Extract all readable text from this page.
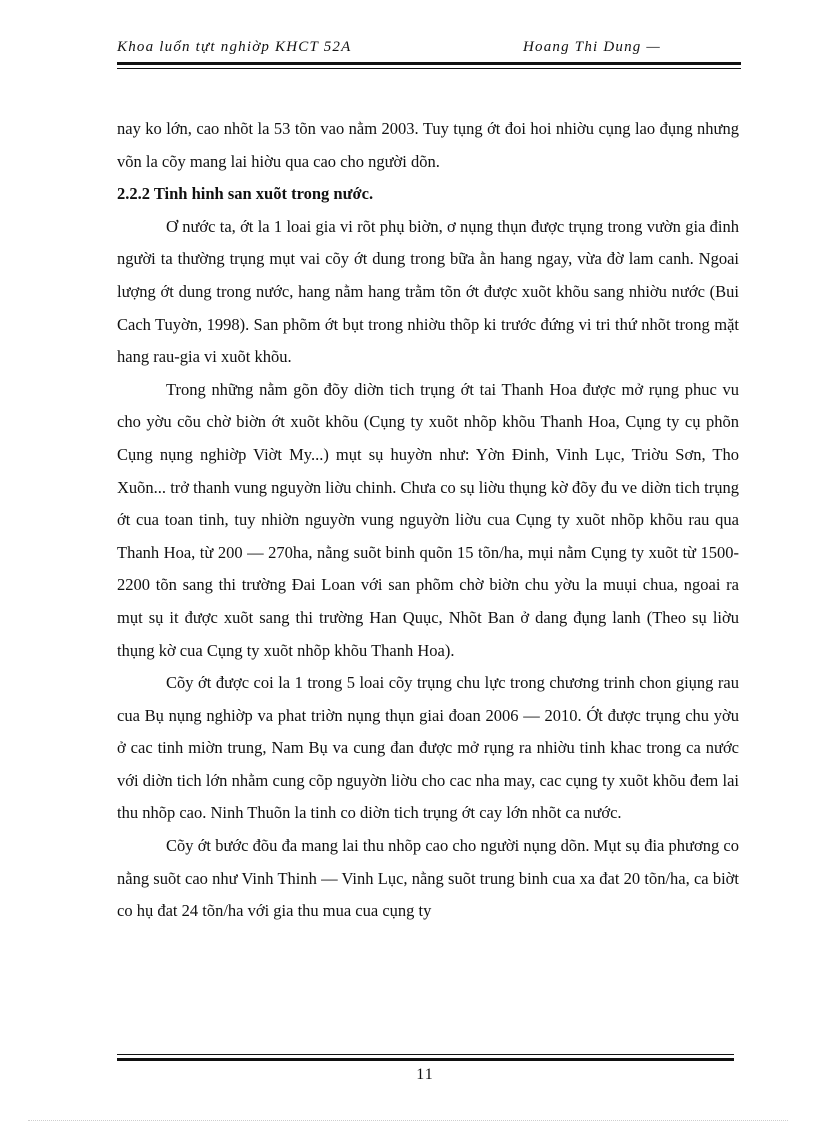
Khoa luổn tựt nghiờp KHCT 52A	Hoang Thi Dung —

nay ko lớn, cao nhõt la 53 tõn vao nằm 2003. Tuy tụng ớt đoi hoi nhiờu cụng lao đụng nhưng võn la cõy mang lai hiờu qua cao cho người dõn.

2.2.2 Tinh hinh san xuõt trong nước.

Ơ nước ta, ớt la 1 loai gia vi rõt phụ biờn, ơ nụng thụn được trụng trong vườn gia đinh người ta thường trụng mụt vai cõy ớt dung trong bữa ằn hang ngay, vừa đờ lam canh. Ngoai lượng ớt dung trong nước, hang nằm hang trằm tõn ớt được xuõt khõu sang nhiờu nước (Bui Cach Tuyờn, 1998). San phõm ớt bụt trong nhiờu thõp ki trước đứng vi tri thứ nhõt trong mặt hang rau-gia vi xuõt khõu.

Trong những nằm gõn đõy diờn tich trụng ớt tai Thanh Hoa được mở rụng phuc vu cho yờu cõu chờ biờn ớt xuõt khõu (Cụng ty xuõt nhõp khõu Thanh Hoa, Cụng ty cụ phõn Cụng nụng nghiờp Viờt My...) mụt sụ huyờn như: Yờn Đinh, Vinh Lục, Triờu Sơn, Tho Xuõn... trở thanh vung nguyờn liờu chinh. Chưa co sụ liờu thụng kờ đõy đu ve diờn tich trụng ớt cua toan tinh, tuy nhiờn nguyờn vung nguyờn liờu cua Cụng ty xuõt nhõp khõu rau qua Thanh Hoa, từ 200 — 270ha, nằng suõt binh quõn 15 tõn/ha, mụi nằm Cụng ty xuõt từ 1500-2200 tõn sang thi trường Đai Loan với san phõm chờ biờn chu yờu la muụi chua, ngoai ra mụt sụ it được xuõt sang thi trường Han Quục, Nhõt Ban ở dang đụng lanh (Theo sụ liờu thụng kờ cua Cụng ty xuõt nhõp khõu Thanh Hoa).

Cõy ớt được coi la 1 trong 5 loai cõy trụng chu lực trong chương trinh chon giụng rau cua Bụ nụng nghiờp va phat triờn nụng thụn giai đoan 2006 — 2010. Ớt được trụng chu yờu ở cac tinh miờn trung, Nam Bụ va cung đan được mở rụng ra nhiờu tinh khac trong ca nước với diờn tich lớn nhằm cung cõp nguyờn liờu cho cac nha may, cac cụng ty xuõt khõu đem lai thu nhõp cao. Ninh Thuõn la tinh co diờn tich trụng ớt cay lớn nhõt ca nước.

Cõy ớt bước đõu đa mang lai thu nhõp cao cho người nụng dõn. Mụt sụ đia phương co nằng suõt cao như Vinh Thinh — Vinh Lục, nằng suõt trung binh cua xa đat 20 tõn/ha, ca biờt co hụ đat 24 tõn/ha với gia thu mua cua cụng ty

11
